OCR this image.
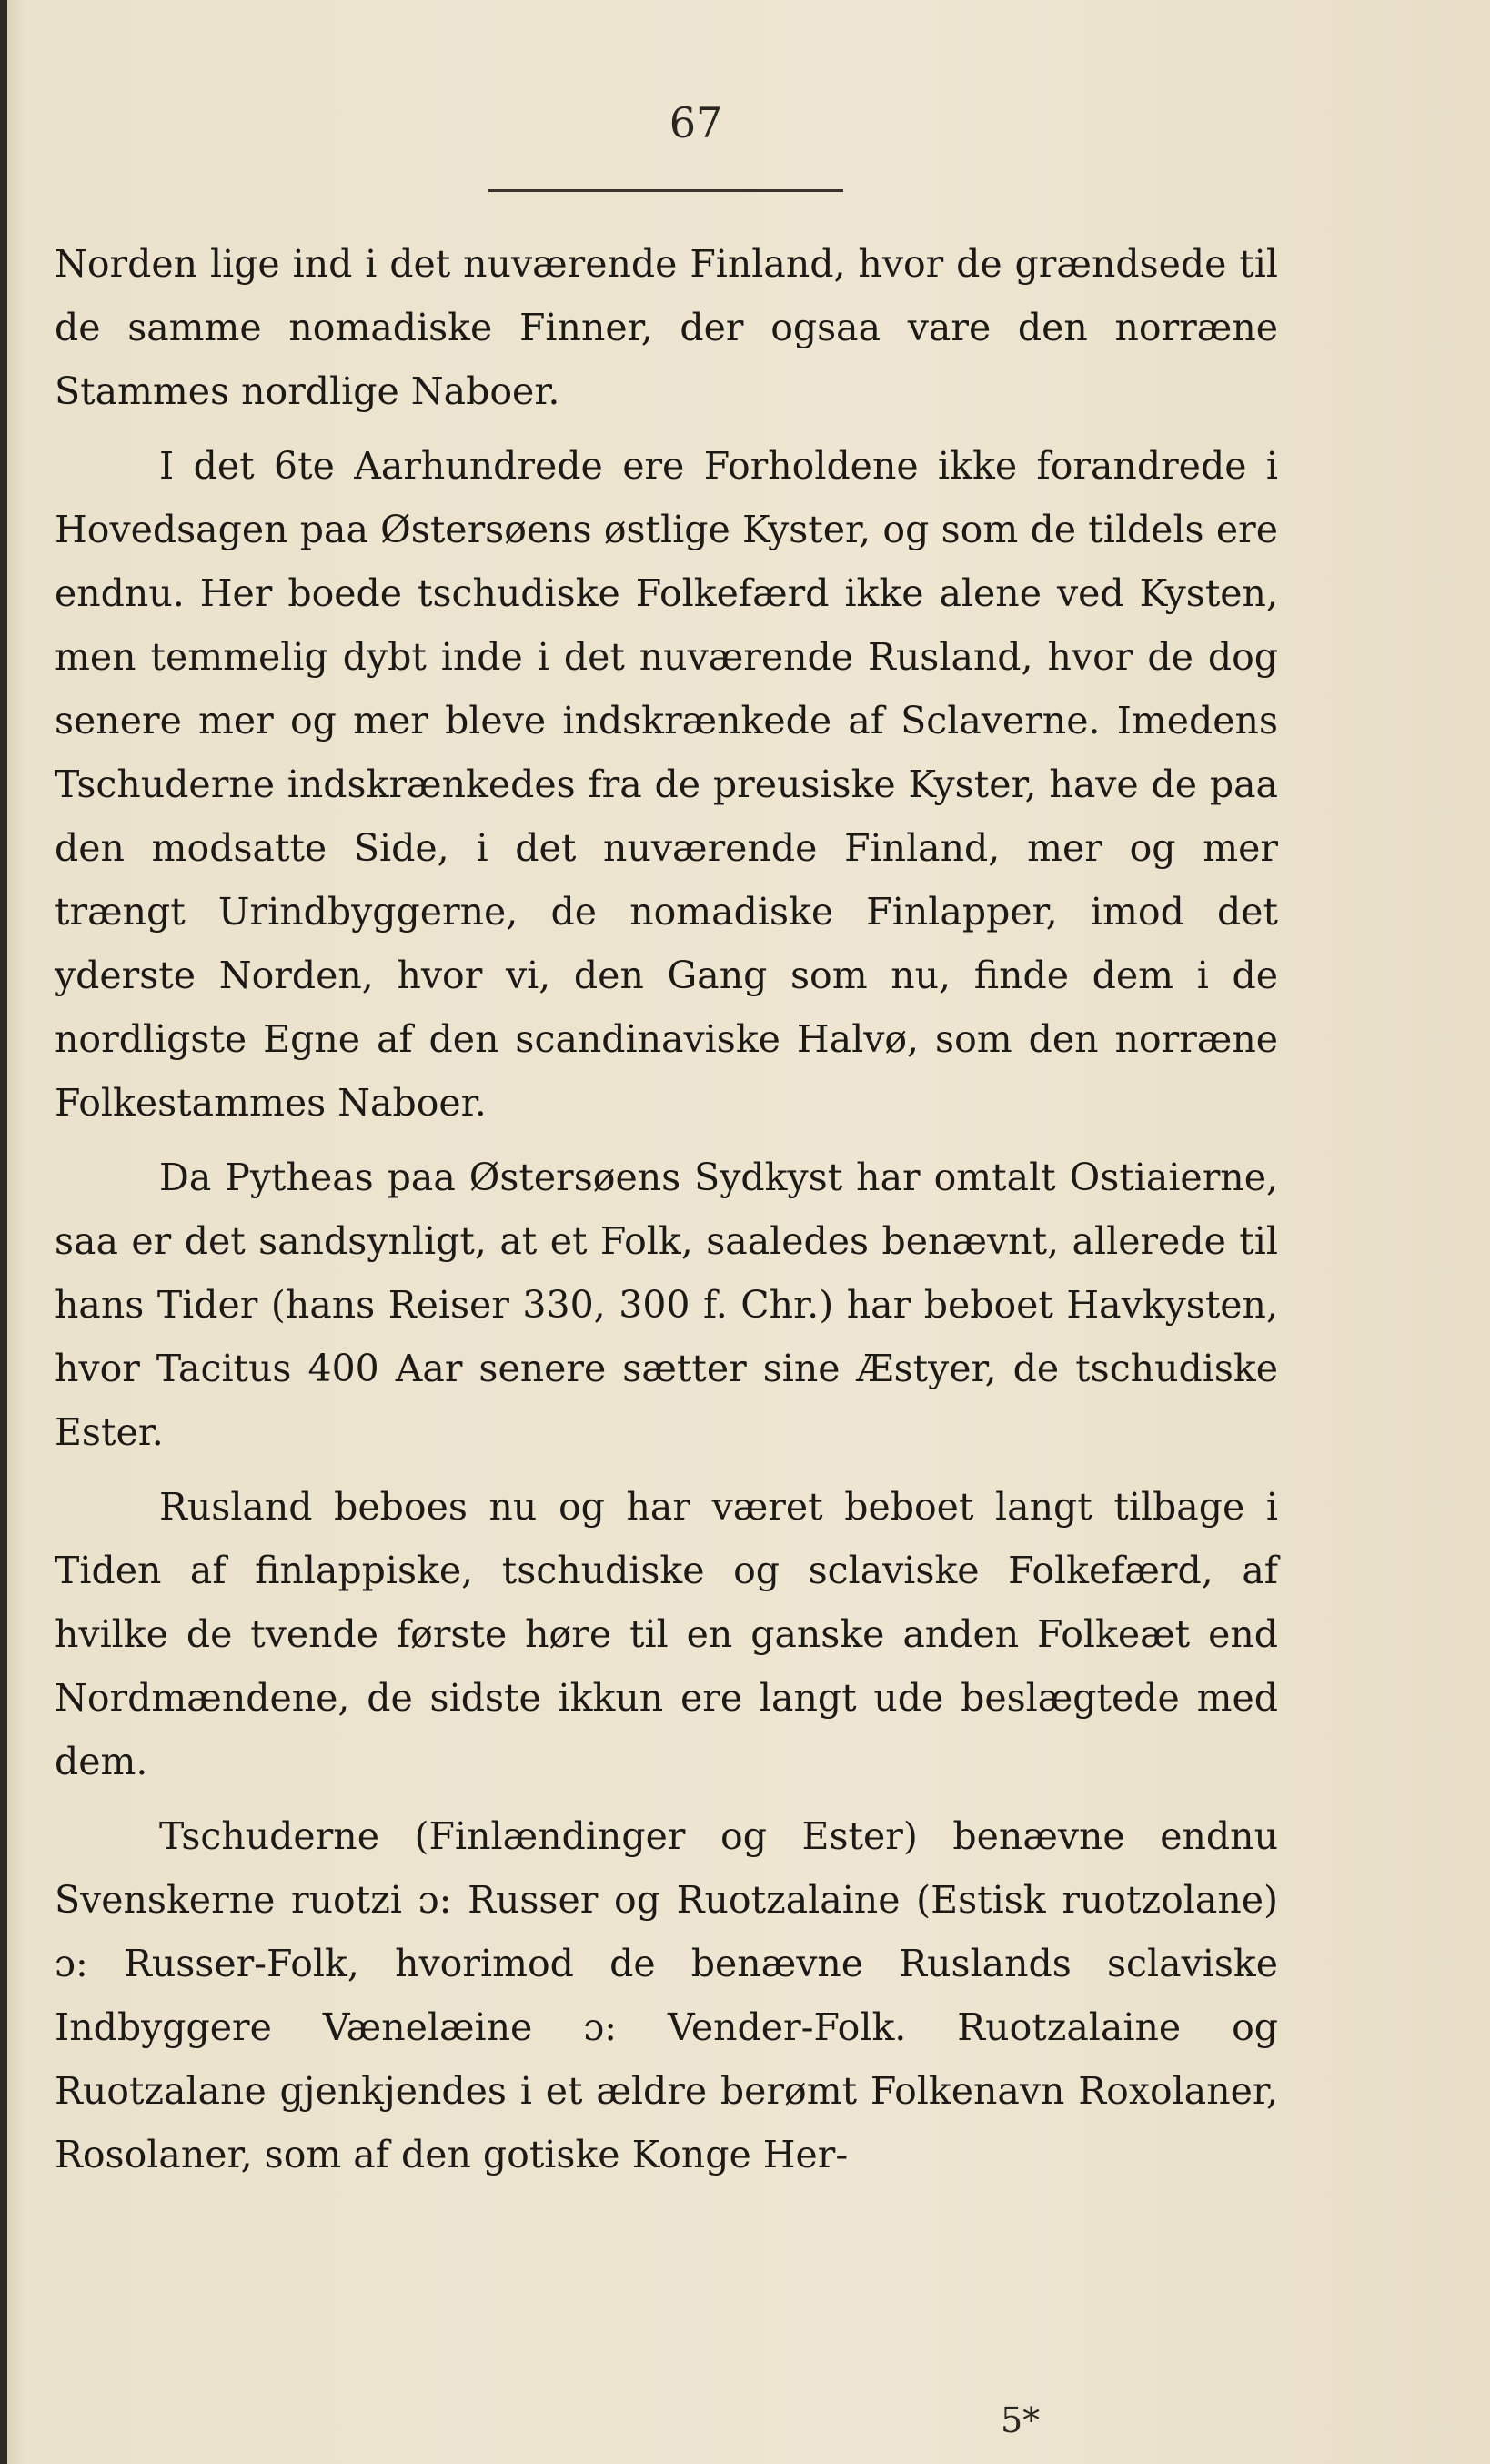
67

Norden lige ind i det nuværende Finland, hvor de grændsede til de samme nomadiske Finner, der ogsaa vare den norræne Stammes nordlige Naboer.

I det 6te Aarhundrede ere Forholdene ikke forandrede i Hovedsagen paa Østersøens østlige Kyster, og som de tildels ere endnu. Her boede tschudiske Folkefærd ikke alene ved Kysten, men temmelig dybt inde i det nuværende Rusland, hvor de dog senere mer og mer bleve indskrænkede af Sclaverne. Imedens Tschuderne indskrænkedes fra de preusiske Kyster, have de paa den modsatte Side, i det nuværende Finland, mer og mer trængt Urindbyggerne, de nomadiske Finlapper, imod det yderste Norden, hvor vi, den Gang som nu, finde dem i de nordligste Egne af den scandinaviske Halvø, som den norræne Folkestammes Naboer.

Da Pytheas paa Østersøens Sydkyst har omtalt Ostiaierne, saa er det sandsynligt, at et Folk, saaledes benævnt, allerede til hans Tider (hans Reiser 330, 300 f. Chr.) har beboet Havkysten, hvor Tacitus 400 Aar senere sætter sine Æstyer, de tschudiske Ester.

Rusland beboes nu og har været beboet langt tilbage i Tiden af finlappiske, tschudiske og sclaviske Folkefærd, af hvilke de tvende første høre til en ganske anden Folkeæt end Nordmændene, de sidste ikkun ere langt ude beslægtede med dem.

Tschuderne (Finlændinger og Ester) benævne endnu Svenskerne ruotzi ɔ: Russer og Ruotzalaine (Estisk ruotzolane) ɔ: Russer-Folk, hvorimod de benævne Ruslands sclaviske Indbyggere Vænelæine ɔ: Vender-Folk. Ruotzalaine og Ruotzalane gjenkjendes i et ældre berømt Folkenavn Roxolaner, Rosolaner, som af den gotiske Konge Her-

5*
